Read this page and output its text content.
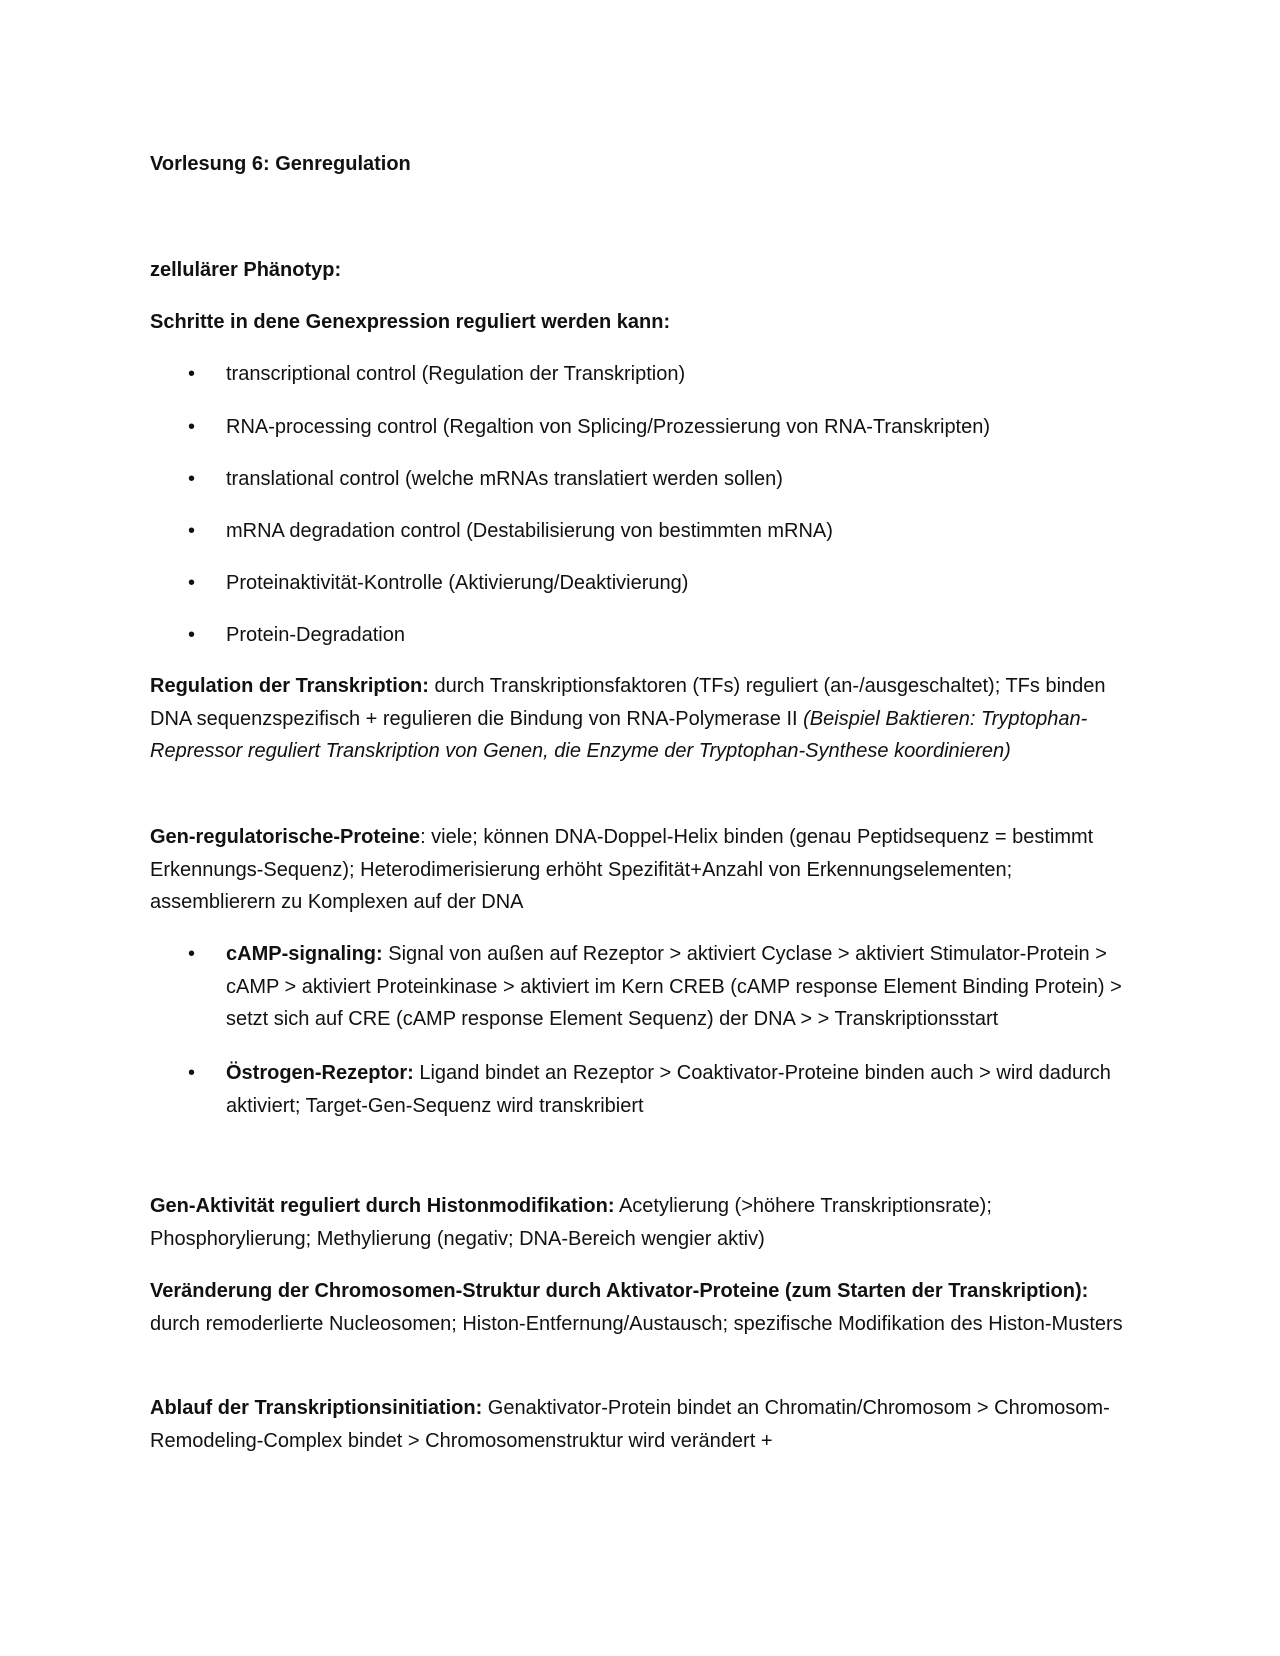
Vorlesung 6: Genregulation

zellulärer Phänotyp:

Schritte in dene Genexpression reguliert werden kann:

• transcriptional control (Regulation der Transkription)
• RNA-processing control (Regaltion von Splicing/Prozessierung von RNA-Transkripten)
• translational control (welche mRNAs translatiert werden sollen)
• mRNA degradation control (Destabilisierung von bestimmten mRNA)
• Proteinaktivität-Kontrolle (Aktivierung/Deaktivierung)
• Protein-Degradation

Regulation der Transkription: durch Transkriptionsfaktoren (TFs) reguliert (an-/ausgeschaltet); TFs binden DNA sequenzspezifisch + regulieren die Bindung von RNA-Polymerase II (Beispiel Baktieren: Tryptophan-Repressor reguliert Transkription von Genen, die Enzyme der Tryptophan-Synthese koordinieren)

Gen-regulatorische-Proteine: viele; können DNA-Doppel-Helix binden (genau Peptidsequenz = bestimmt Erkennungs-Sequenz); Heterodimerisierung erhöht Spezifität+Anzahl von Erkennungselementen; assemblierern zu Komplexen auf der DNA

• cAMP-signaling: Signal von außen auf Rezeptor > aktiviert Cyclase > aktiviert Stimulator-Protein > cAMP > aktiviert Proteinkinase > aktiviert im Kern CREB (cAMP response Element Binding Protein) > setzt sich auf CRE (cAMP response Element Sequenz) der DNA > > Transkriptionsstart
• Östrogen-Rezeptor: Ligand bindet an Rezeptor > Coaktivator-Proteine binden auch > wird dadurch aktiviert; Target-Gen-Sequenz wird transkribiert

Gen-Aktivität reguliert durch Histonmodifikation: Acetylierung (>höhere Transkriptionsrate); Phosphorylierung; Methylierung (negativ; DNA-Bereich wengier aktiv)

Veränderung der Chromosomen-Struktur durch Aktivator-Proteine (zum Starten der Transkription): durch remoderlierte Nucleosomen; Histon-Entfernung/Austausch; spezifische Modifikation des Histon-Musters

Ablauf der Transkriptionsinitiation: Genaktivator-Protein bindet an Chromatin/Chromosom > Chromosom-Remodeling-Complex bindet > Chromosomenstruktur wird verändert +
